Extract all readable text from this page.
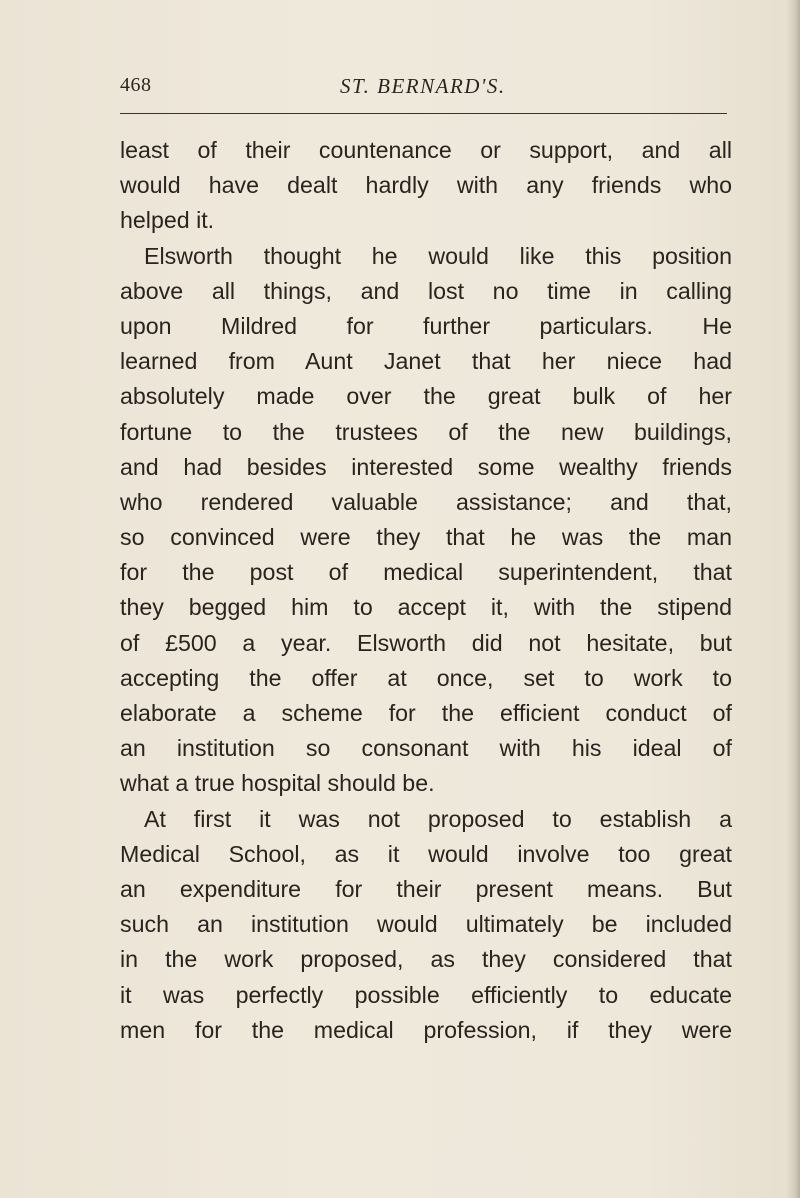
468	ST. BERNARD'S.
least of their countenance or support, and all
would have dealt hardly with any friends who
helped it.
Elsworth thought he would like this position
above all things, and lost no time in calling
upon Mildred for further particulars. He
learned from Aunt Janet that her niece had
absolutely made over the great bulk of her
fortune to the trustees of the new buildings,
and had besides interested some wealthy friends
who rendered valuable assistance; and that,
so convinced were they that he was the man
for the post of medical superintendent, that
they begged him to accept it, with the stipend
of £500 a year. Elsworth did not hesitate, but
accepting the offer at once, set to work to
elaborate a scheme for the efficient conduct of
an institution so consonant with his ideal of
what a true hospital should be.
At first it was not proposed to establish a
Medical School, as it would involve too great
an expenditure for their present means. But
such an institution would ultimately be included
in the work proposed, as they considered that
it was perfectly possible efficiently to educate
men for the medical profession, if they were
